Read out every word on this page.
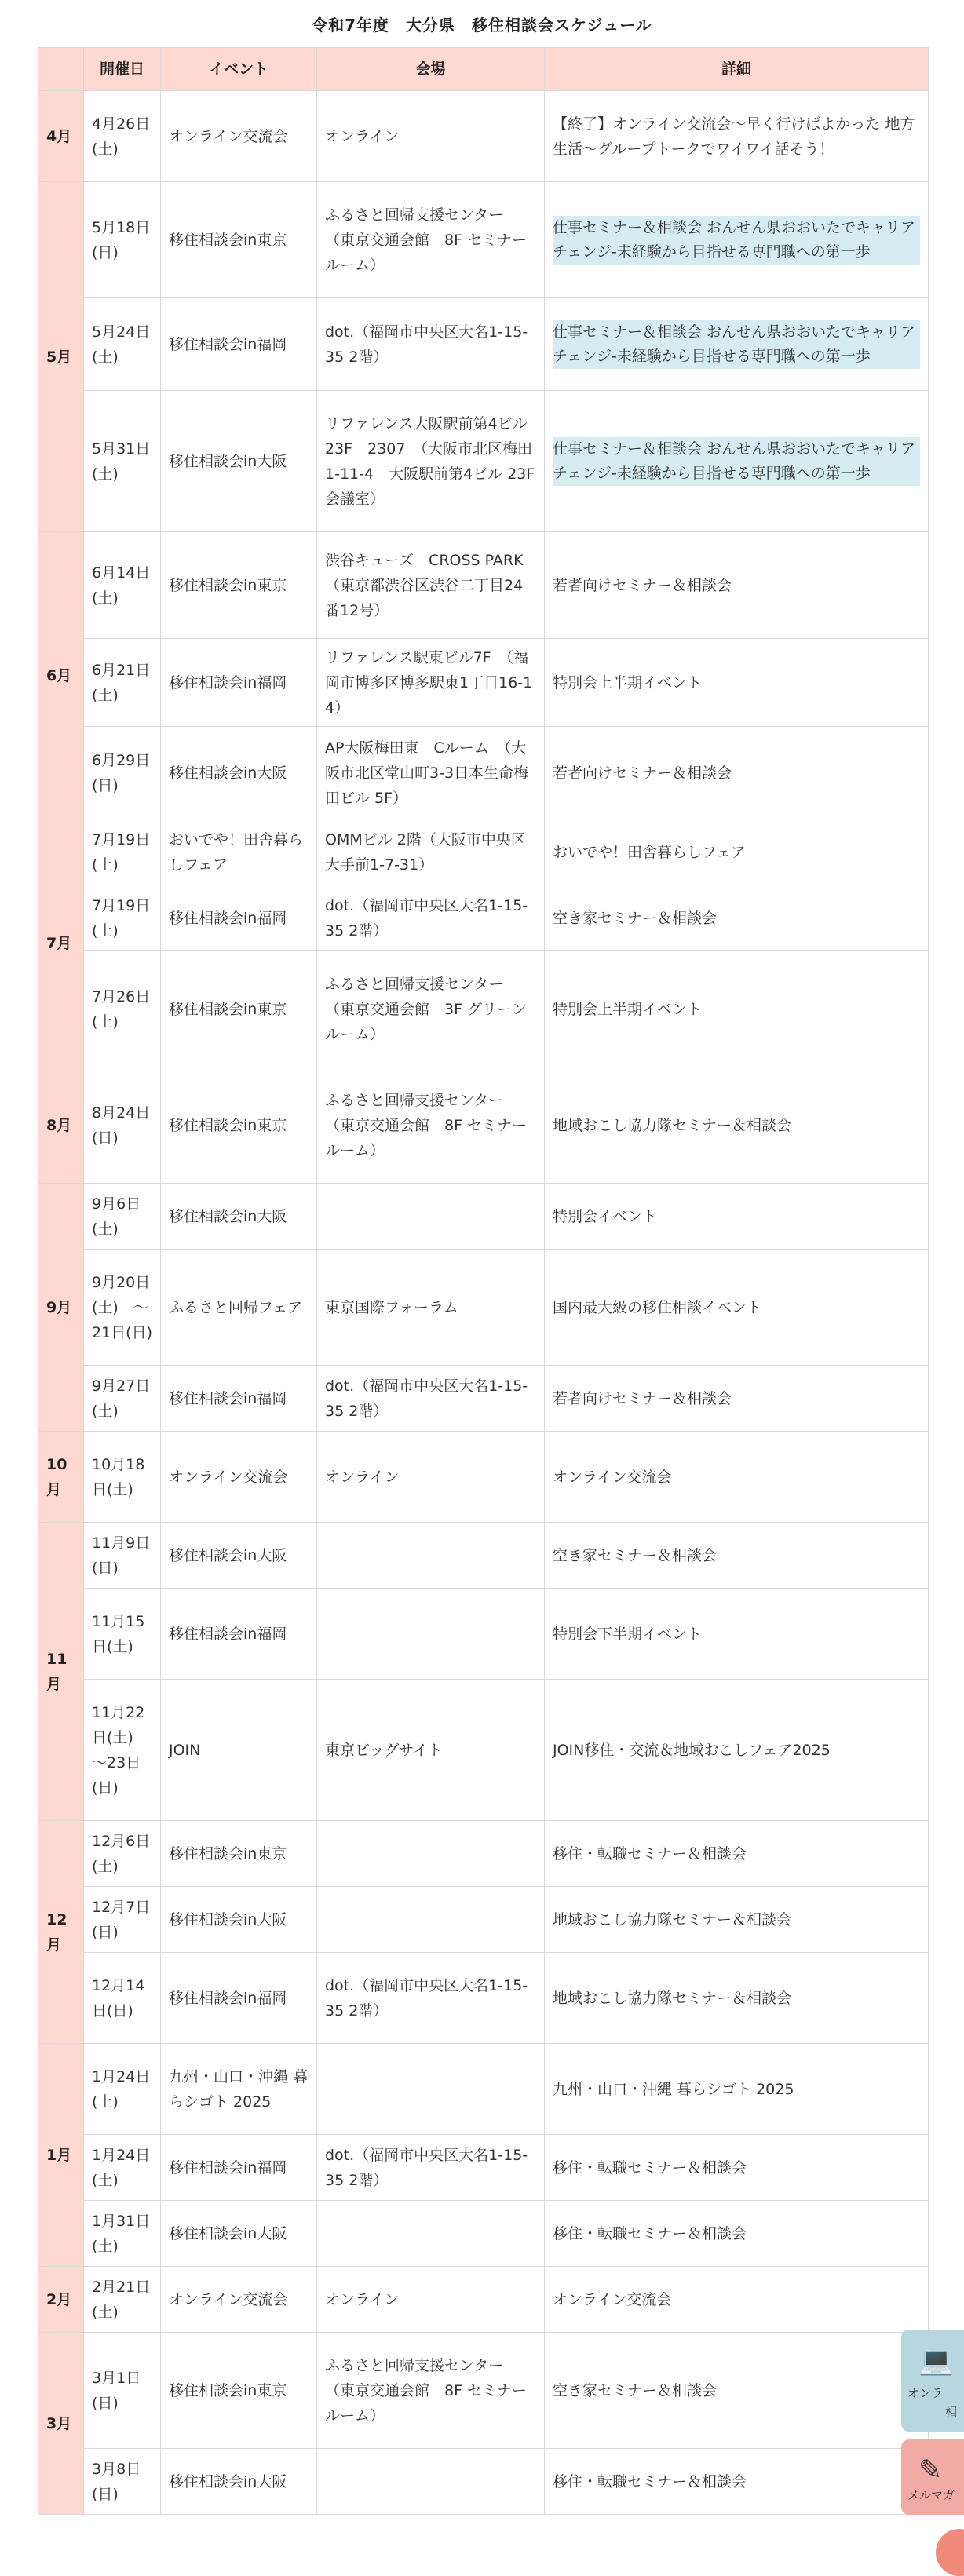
令和7年度　大分県　移住相談会スケジュール
	開催日	イベント	会場	詳細
4月	4月26日(土)	オンライン交流会	オンライン	【終了】オンライン交流会～早く行けばよかった 地方生活～グループトークでワイワイ話そう！
5月	5月18日(日)	移住相談会in東京	ふるさと回帰支援センター　（東京交通会館　8F セミナールーム）	仕事セミナー＆相談会 おんせん県おおいたでキャリアチェンジ-未経験から目指せる専門職への第一歩
	5月24日(土)	移住相談会in福岡	dot.（福岡市中央区大名1-15-35 2階）	仕事セミナー＆相談会 おんせん県おおいたでキャリアチェンジ-未経験から目指せる専門職への第一歩
	5月31日(土)	移住相談会in大阪	リファレンス大阪駅前第4ビル23F　2307　（大阪市北区梅田1-11-4　大阪駅前第4ビル 23F会議室）	仕事セミナー＆相談会 おんせん県おおいたでキャリアチェンジ-未経験から目指せる専門職への第一歩
6月	6月14日(土)	移住相談会in東京	渋谷キューズ　CROSS PARK　（東京都渋谷区渋谷二丁目24番12号）	若者向けセミナー＆相談会
	6月21日(土)	移住相談会in福岡	リファレンス駅東ビル7F　（福岡市博多区博多駅東1丁目16-14）	特別会上半期イベント
	6月29日(日)	移住相談会in大阪	AP大阪梅田東　Cルーム　（大阪市北区堂山町3-3日本生命梅田ビル 5F）	若者向けセミナー＆相談会
7月	7月19日(土)	おいでや！田舎暮らしフェア	OMMビル 2階（大阪市中央区大手前1-7-31）	おいでや！田舎暮らしフェア
	7月19日(土)	移住相談会in福岡	dot.（福岡市中央区大名1-15-35 2階）	空き家セミナー＆相談会
	7月26日(土)	移住相談会in東京	ふるさと回帰支援センター　（東京交通会館　3F グリーンルーム）	特別会上半期イベント
8月	8月24日(日)	移住相談会in東京	ふるさと回帰支援センター　（東京交通会館　8F セミナールーム）	地域おこし協力隊セミナー＆相談会
9月	9月6日(土)	移住相談会in大阪		特別会イベント
	9月20日(土)　～21日(日)	ふるさと回帰フェア	東京国際フォーラム	国内最大級の移住相談イベント
	9月27日(土)	移住相談会in福岡	dot.（福岡市中央区大名1-15-35 2階）	若者向けセミナー＆相談会
10月	10月18日(土)	オンライン交流会	オンライン	オンライン交流会
11月	11月9日(日)	移住相談会in大阪		空き家セミナー＆相談会
	11月15日(土)	移住相談会in福岡		特別会下半期イベント
	11月22日(土)　～23日(日)	JOIN	東京ビッグサイト	JOIN移住・交流＆地域おこしフェア2025
12月	12月6日(土)	移住相談会in東京		移住・転職セミナー＆相談会
	12月7日(日)	移住相談会in大阪		地域おこし協力隊セミナー＆相談会
	12月14日(日)	移住相談会in福岡	dot.（福岡市中央区大名1-15-35 2階）	地域おこし協力隊セミナー＆相談会
1月	1月24日(土)	九州・山口・沖縄 暮らシゴト 2025		九州・山口・沖縄 暮らシゴト 2025
	1月24日(土)	移住相談会in福岡	dot.（福岡市中央区大名1-15-35 2階）	移住・転職セミナー＆相談会
	1月31日(土)	移住相談会in大阪		移住・転職セミナー＆相談会
2月	2月21日(土)	オンライン交流会	オンライン	オンライン交流会
3月	3月1日(日)	移住相談会in東京	ふるさと回帰支援センター　（東京交通会館　8F セミナールーム）	空き家セミナー＆相談会
	3月8日(日)	移住相談会in大阪		移住・転職セミナー＆相談会
💻
オンラ
相
✎
メルマガ
